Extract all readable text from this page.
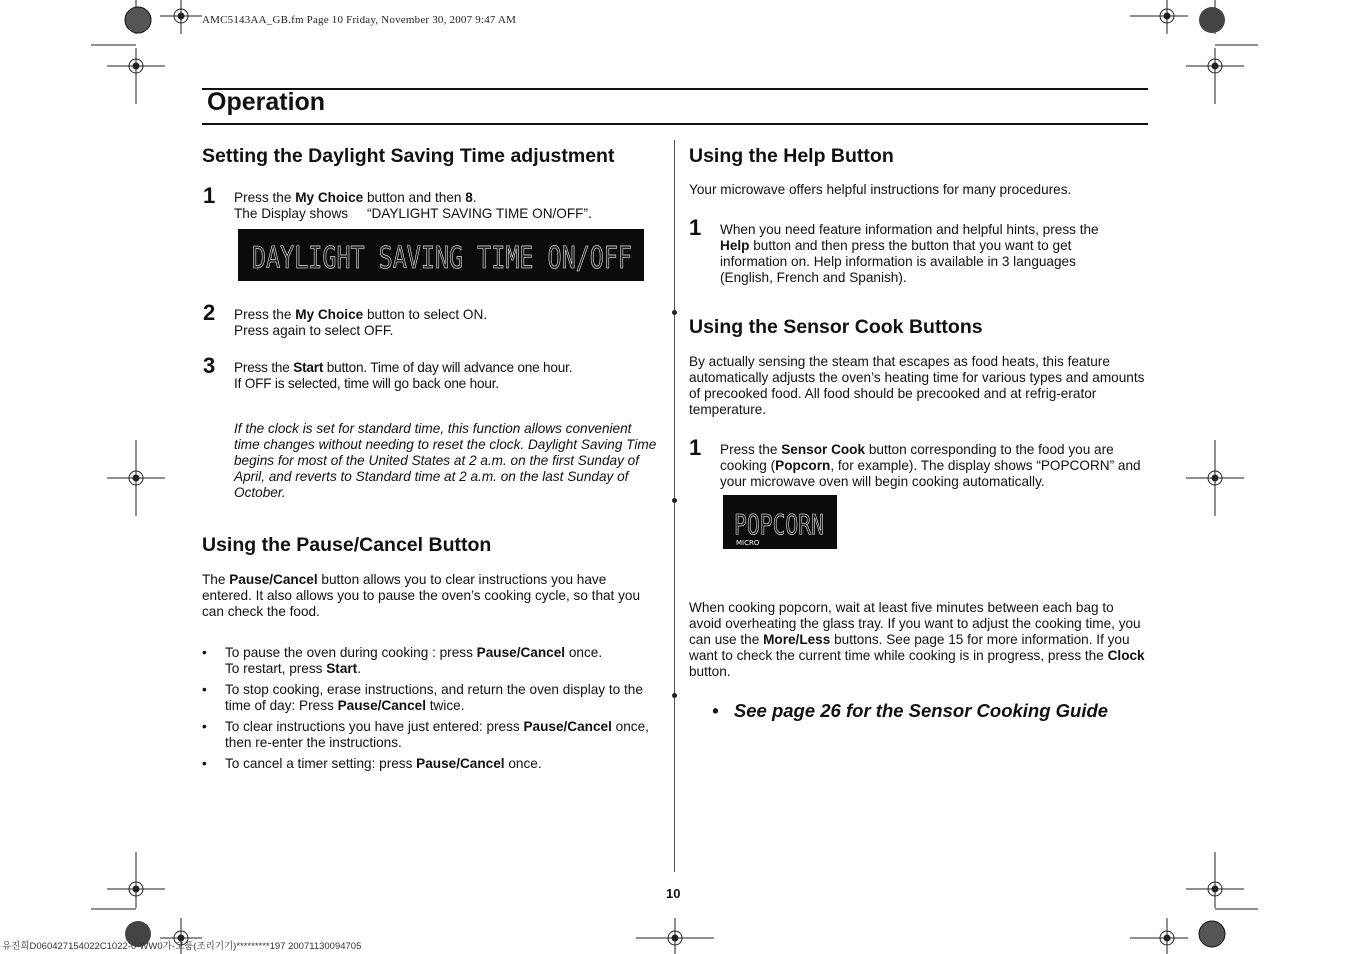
AMC5143AA_GB.fm Page 10 Friday, November 30, 2007 9:47 AM
유진희D060427154022C1022-0-WW0가-고품(조리기기)*********197 20071130094705
Operation
Setting the Daylight Saving Time adjustment
1 Press the My Choice button and then 8.
The Display shows     “DAYLIGHT SAVING TIME ON/OFF”.
DAYLIGHT SAVING TIME ON/OFF
2 Press the My Choice button to select ON.
Press again to select OFF.
3 Press the Start button. Time of day will advance one hour.
If OFF is selected, time will go back one hour.
If the clock is set for standard time, this function allows convenient time changes without needing to reset the clock. Daylight Saving Time begins for most of the United States at 2 a.m. on the first Sunday of April, and reverts to Standard time at 2 a.m. on the last Sunday of October.
Using the Pause/Cancel Button
The Pause/Cancel button allows you to clear instructions you have entered. It also allows you to pause the oven’s cooking cycle, so that you can check the food.
• To pause the oven during cooking : press Pause/Cancel once.
To restart, press Start.
• To stop cooking, erase instructions, and return the oven display to the time of day: Press Pause/Cancel twice.
• To clear instructions you have just entered: press Pause/Cancel once, then re-enter the instructions.
• To cancel a timer setting: press Pause/Cancel once.
Using the Help Button
Your microwave offers helpful instructions for many procedures.
1 When you need feature information and helpful hints, press the Help button and then press the button that you want to get information on. Help information is available in 3 languages (English, French and Spanish).
Using the Sensor Cook Buttons
By actually sensing the steam that escapes as food heats, this feature automatically adjusts the oven’s heating time for various types and amounts of precooked food. All food should be precooked and at refrig-erator temperature.
1 Press the Sensor Cook button corresponding to the food you are cooking (Popcorn, for example). The display shows “POPCORN” and your microwave oven will begin cooking automatically.
POPCORN
MICRO
When cooking popcorn, wait at least five minutes between each bag to avoid overheating the glass tray. If you want to adjust the cooking time, you can use the More/Less buttons. See page 15 for more information. If you want to check the current time while cooking is in progress, press the Clock button.
•   See page 26 for the Sensor Cooking Guide
10
